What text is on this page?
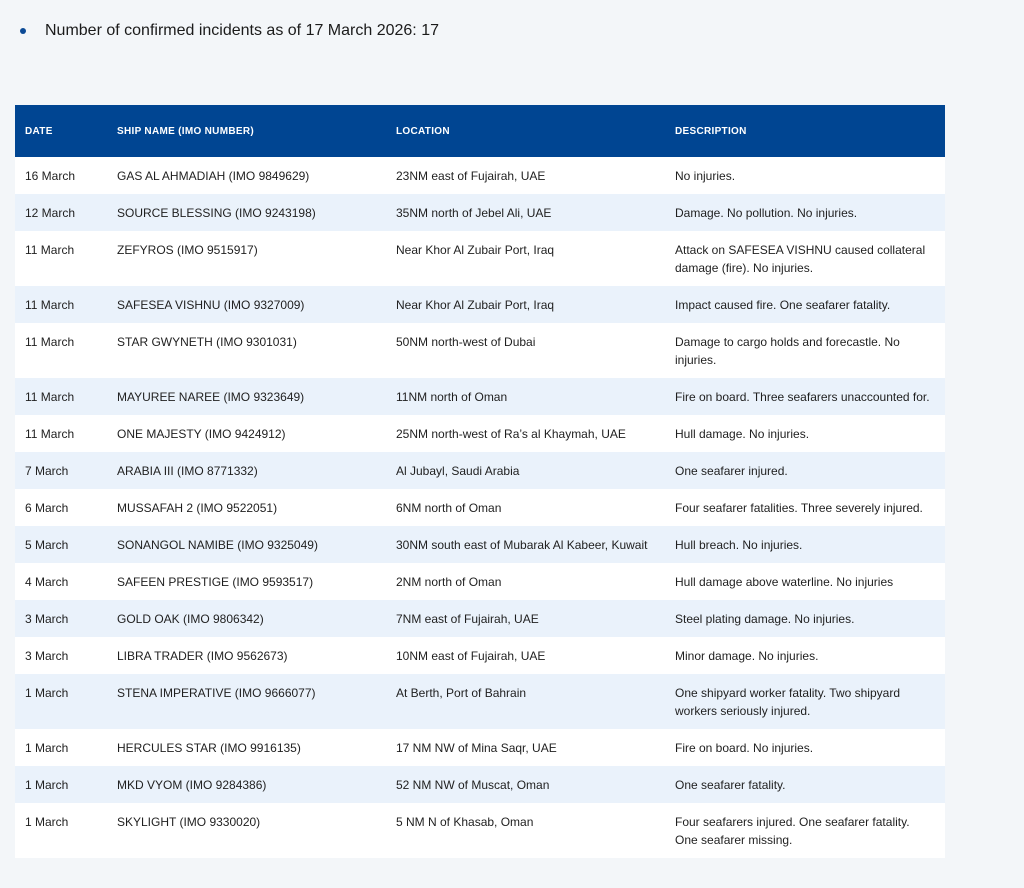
Number of confirmed incidents as of 17 March 2026: 17
DATE	SHIP NAME (IMO NUMBER)	LOCATION	DESCRIPTION
16 March	GAS AL AHMADIAH (IMO 9849629)	23NM east of Fujairah, UAE	No injuries.
12 March	SOURCE BLESSING (IMO 9243198)	35NM north of Jebel Ali, UAE	Damage. No pollution. No injuries.
11 March	ZEFYROS (IMO 9515917)	Near Khor Al Zubair Port, Iraq	Attack on SAFESEA VISHNU caused collateral damage (fire). No injuries.
11 March	SAFESEA VISHNU (IMO 9327009)	Near Khor Al Zubair Port, Iraq	Impact caused fire. One seafarer fatality.
11 March	STAR GWYNETH (IMO 9301031)	50NM north-west of Dubai	Damage to cargo holds and forecastle. No injuries.
11 March	MAYUREE NAREE (IMO 9323649)	11NM north of Oman	Fire on board. Three seafarers unaccounted for.
11 March	ONE MAJESTY (IMO 9424912)	25NM north-west of Ra’s al Khaymah, UAE	Hull damage. No injuries.
7 March	ARABIA III (IMO 8771332)	Al Jubayl, Saudi Arabia	One seafarer injured.
6 March	MUSSAFAH 2 (IMO 9522051)	6NM north of Oman	Four seafarer fatalities. Three severely injured.
5 March	SONANGOL NAMIBE (IMO 9325049)	30NM south east of Mubarak Al Kabeer, Kuwait	Hull breach. No injuries.
4 March	SAFEEN PRESTIGE (IMO 9593517)	2NM north of Oman	Hull damage above waterline. No injuries
3 March	GOLD OAK (IMO 9806342)	7NM east of Fujairah, UAE	Steel plating damage. No injuries.
3 March	LIBRA TRADER (IMO 9562673)	10NM east of Fujairah, UAE	Minor damage. No injuries.
1 March	STENA IMPERATIVE (IMO 9666077)	At Berth, Port of Bahrain	One shipyard worker fatality. Two shipyard workers seriously injured.
1 March	HERCULES STAR (IMO 9916135)	17 NM NW of Mina Saqr, UAE	Fire on board. No injuries.
1 March	MKD VYOM (IMO 9284386)	52 NM NW of Muscat, Oman	One seafarer fatality.
1 March	SKYLIGHT (IMO 9330020)	5 NM N of Khasab, Oman	Four seafarers injured. One seafarer fatality. One seafarer missing.
